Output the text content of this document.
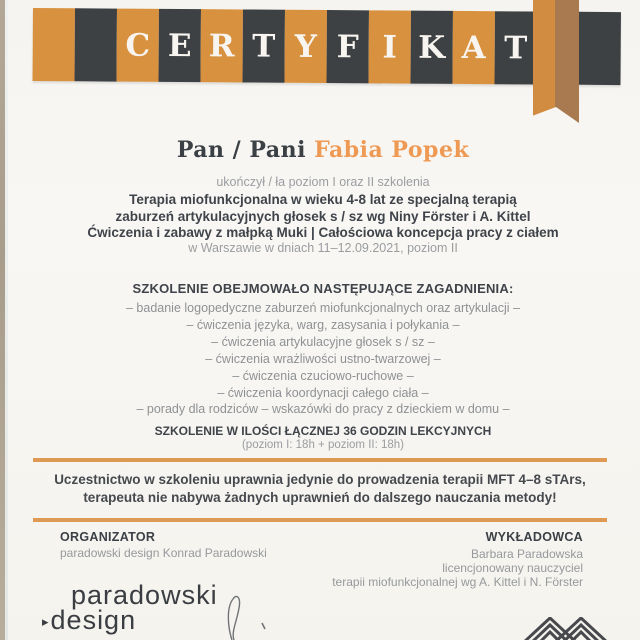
C E R T Y F I K A T
Pan / Pani Fabia Popek
ukończył / ła poziom I oraz II szkolenia
Terapia miofunkcjonalna w wieku 4-8 lat ze specjalną terapią
zaburzeń artykulacyjnych głosek s / sz wg Niny Förster i A. Kittel
Ćwiczenia i zabawy z małpką Muki | Całościowa koncepcja pracy z ciałem
w Warszawie w dniach 11–12.09.2021, poziom II
SZKOLENIE OBEJMOWAŁO NASTĘPUJĄCE ZAGADNIENIA:
– badanie logopedyczne zaburzeń miofunkcjonalnych oraz artykulacji –
– ćwiczenia języka, warg, zasysania i połykania –
– ćwiczenia artykulacyjne głosek s / sz –
– ćwiczenia wrażliwości ustno-twarzowej –
– ćwiczenia czuciowo-ruchowe –
– ćwiczenia koordynacji całego ciała –
– porady dla rodziców – wskazówki do pracy z dzieckiem w domu –
SZKOLENIE W ILOŚCI ŁĄCZNEJ 36 GODZIN LEKCYJNYCH
(poziom I: 18h + poziom II: 18h)
Uczestnictwo w szkoleniu uprawnia jedynie do prowadzenia terapii MFT 4–8 sTArs,
terapeuta nie nabywa żadnych uprawnień do dalszego nauczania metody!
ORGANIZATOR
paradowski design Konrad Paradowski
WYKŁADOWCA
Barbara Paradowska
licencjonowany nauczyciel
terapii miofunkcjonalnej wg A. Kittel i N. Förster
paradowski
▸design
